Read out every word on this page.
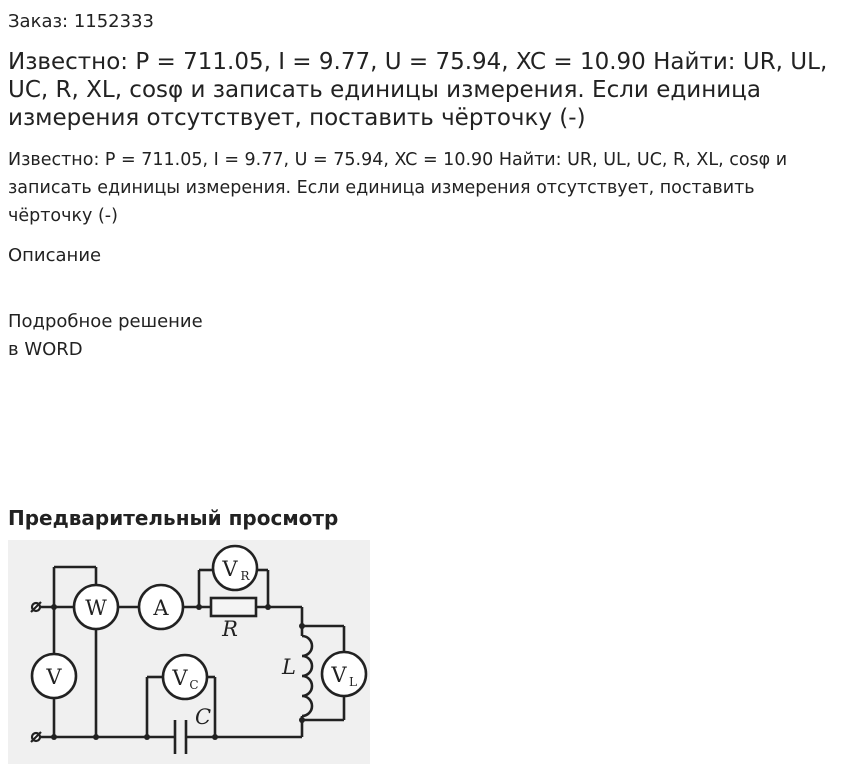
Заказ: 1152333
Известно: P = 711.05, I = 9.77, U = 75.94, XC = 10.90 Найти: UR, UL, UC, R, XL, cosφ и записать единицы измерения. Если единица измерения отсутствует, поставить чёрточку (-)
Известно: P = 711.05, I = 9.77, U = 75.94, XC = 10.90 Найти: UR, UL, UC, R, XL, cosφ и записать единицы измерения. Если единица измерения отсутствует, поставить чёрточку (-)
Описание
Подробное решение
в WORD
Предварительный просмотр
W A
V
V R
V L
V C
R
L
C
